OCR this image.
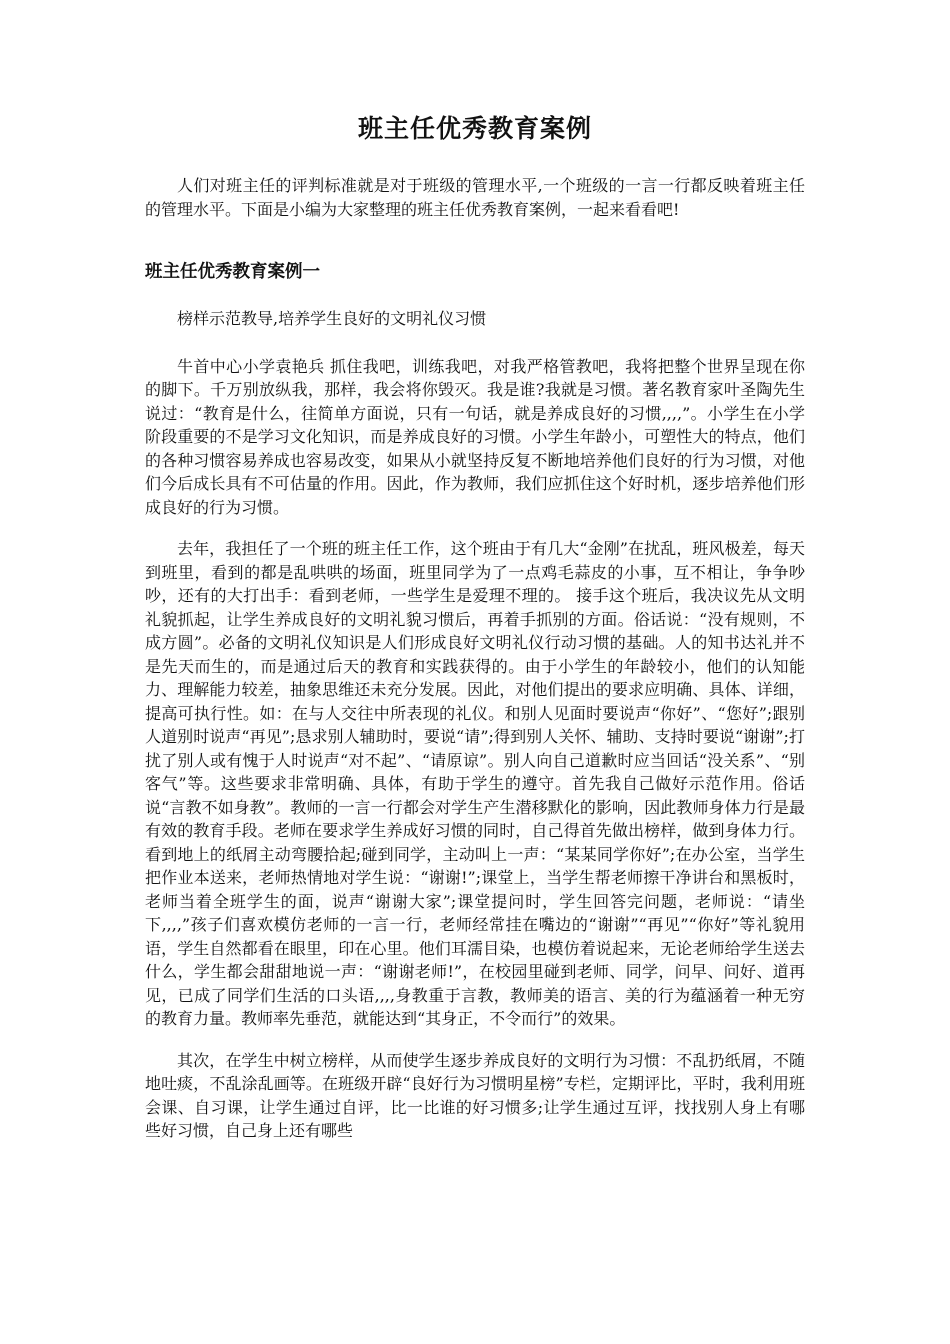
班主任优秀教育案例

人们对班主任的评判标准就是对于班级的管理水平,一个班级的一言一行都反映着班主任的管理水平。下面是小编为大家整理的班主任优秀教育案例，一起来看看吧!

班主任优秀教育案例一

榜样示范教导,培养学生良好的文明礼仪习惯

牛首中心小学袁艳兵 抓住我吧，训练我吧，对我严格管教吧，我将把整个世界呈现在你的脚下。千万别放纵我，那样，我会将你毁灭。我是谁?我就是习惯。著名教育家叶圣陶先生说过：“教育是什么，往简单方面说，只有一句话，就是养成良好的习惯,,,,”。小学生在小学阶段重要的不是学习文化知识，而是养成良好的习惯。小学生年龄小，可塑性大的特点，他们的各种习惯容易养成也容易改变，如果从小就坚持反复不断地培养他们良好的行为习惯，对他们今后成长具有不可估量的作用。因此，作为教师，我们应抓住这个好时机，逐步培养他们形成良好的行为习惯。

去年，我担任了一个班的班主任工作，这个班由于有几大“金刚”在扰乱，班风极差，每天到班里，看到的都是乱哄哄的场面，班里同学为了一点鸡毛蒜皮的小事，互不相让，争争吵吵，还有的大打出手：看到老师，一些学生是爱理不理的。 接手这个班后，我决议先从文明礼貌抓起，让学生养成良好的文明礼貌习惯后，再着手抓别的方面。俗话说：“没有规则，不成方圆”。必备的文明礼仪知识是人们形成良好文明礼仪行动习惯的基础。人的知书达礼并不是先天而生的，而是通过后天的教育和实践获得的。由于小学生的年龄较小，他们的认知能力、理解能力较差，抽象思维还未充分发展。因此，对他们提出的要求应明确、具体、详细，提高可执行性。如：在与人交往中所表现的礼仪。和别人见面时要说声“你好”、“您好”;跟别人道别时说声“再见”;恳求别人辅助时，要说“请”;得到别人关怀、辅助、支持时要说“谢谢”;打扰了别人或有愧于人时说声“对不起”、“请原谅”。别人向自己道歉时应当回话“没关系”、“别客气”等。这些要求非常明确、具体，有助于学生的遵守。首先我自己做好示范作用。俗话说“言教不如身教”。教师的一言一行都会对学生产生潜移默化的影响，因此教师身体力行是最有效的教育手段。老师在要求学生养成好习惯的同时，自己得首先做出榜样，做到身体力行。看到地上的纸屑主动弯腰拾起;碰到同学，主动叫上一声：“某某同学你好”;在办公室，当学生把作业本送来，老师热情地对学生说：“谢谢!”;课堂上，当学生帮老师擦干净讲台和黑板时，老师当着全班学生的面，说声“谢谢大家”;课堂提问时，学生回答完问题，老师说：“请坐下,,,,”孩子们喜欢模仿老师的一言一行，老师经常挂在嘴边的“谢谢”“再见”“你好”等礼貌用语，学生自然都看在眼里，印在心里。他们耳濡目染，也模仿着说起来，无论老师给学生送去什么，学生都会甜甜地说一声：“谢谢老师!”，在校园里碰到老师、同学，问早、问好、道再见，已成了同学们生活的口头语,,,,身教重于言教，教师美的语言、美的行为蕴涵着一种无穷的教育力量。教师率先垂范，就能达到“其身正，不令而行”的效果。

其次，在学生中树立榜样，从而使学生逐步养成良好的文明行为习惯：不乱扔纸屑，不随地吐痰，不乱涂乱画等。在班级开辟“良好行为习惯明星榜”专栏，定期评比，平时，我利用班会课、自习课，让学生通过自评，比一比谁的好习惯多;让学生通过互评，找找别人身上有哪些好习惯，自己身上还有哪些
